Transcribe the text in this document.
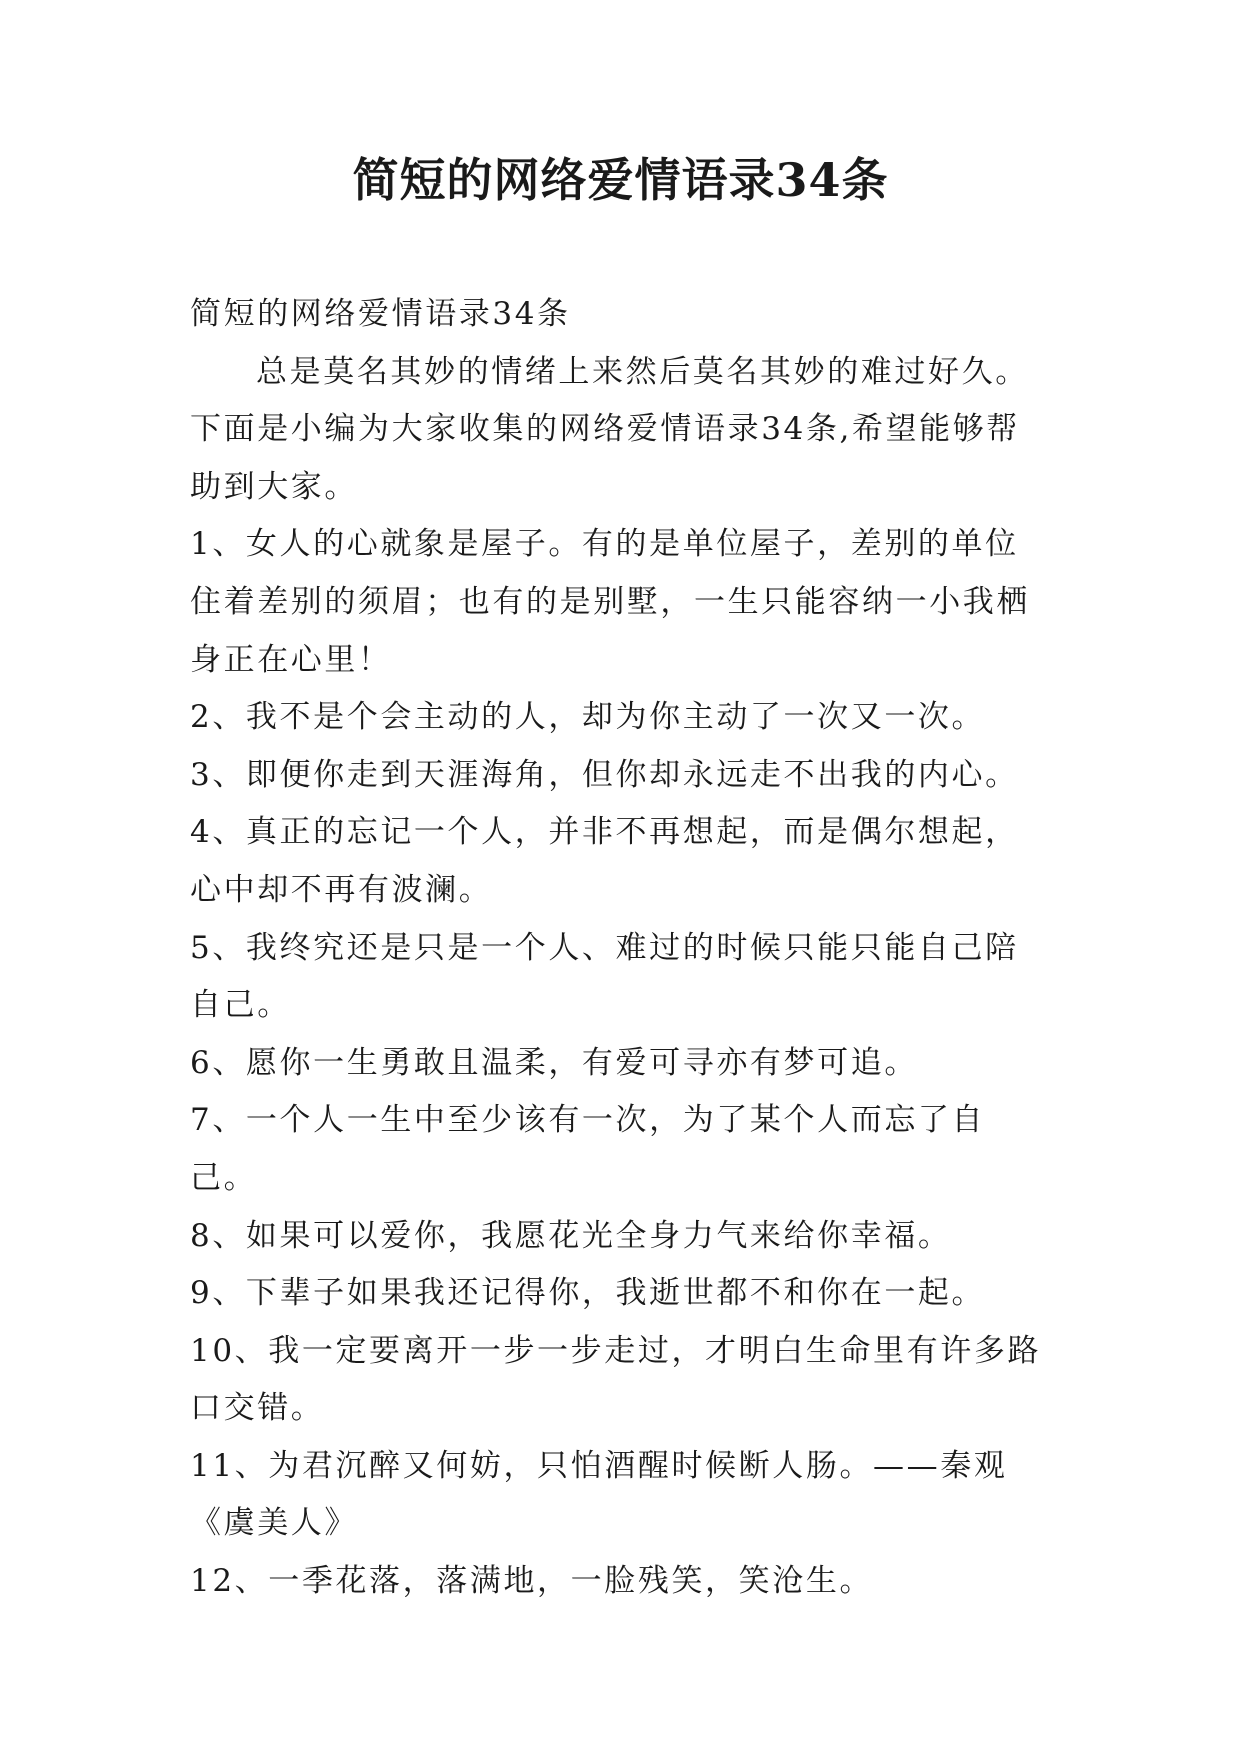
简短的网络爱情语录34条

简短的网络爱情语录34条

总是莫名其妙的情绪上来然后莫名其妙的难过好久。下面是小编为大家收集的网络爱情语录34条,希望能够帮助到大家。

1、女人的心就象是屋子。有的是单位屋子，差别的单位住着差别的须眉；也有的是别墅，一生只能容纳一小我栖身正在心里！

2、我不是个会主动的人，却为你主动了一次又一次。

3、即便你走到天涯海角，但你却永远走不出我的内心。

4、真正的忘记一个人，并非不再想起，而是偶尔想起，心中却不再有波澜。

5、我终究还是只是一个人、难过的时候只能只能自己陪自己。

6、愿你一生勇敢且温柔，有爱可寻亦有梦可追。

7、一个人一生中至少该有一次，为了某个人而忘了自己。

8、如果可以爱你，我愿花光全身力气来给你幸福。

9、下辈子如果我还记得你，我逝世都不和你在一起。

10、我一定要离开一步一步走过，才明白生命里有许多路口交错。

11、为君沉醉又何妨，只怕酒醒时候断人肠。——秦观《虞美人》

12、一季花落，落满地，一脸残笑，笑沧生。
